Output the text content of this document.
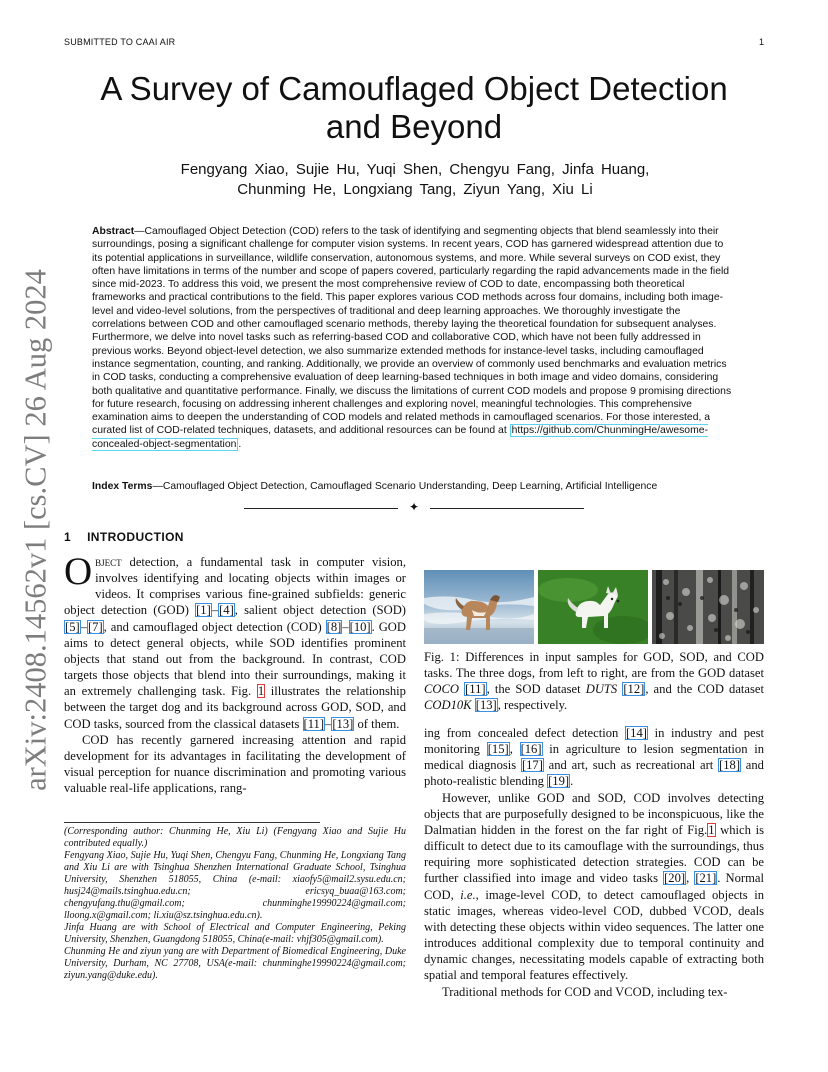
SUBMITTED TO CAAI AIR	1
arXiv:2408.14562v1 [cs.CV] 26 Aug 2024
A Survey of Camouflaged Object Detection
and Beyond
Fengyang Xiao, Sujie Hu, Yuqi Shen, Chengyu Fang, Jinfa Huang,
Chunming He, Longxiang Tang, Ziyun Yang, Xiu Li
Abstract—Camouflaged Object Detection (COD) refers to the task of identifying and segmenting objects that blend seamlessly into their surroundings, posing a significant challenge for computer vision systems. In recent years, COD has garnered widespread attention due to its potential applications in surveillance, wildlife conservation, autonomous systems, and more. While several surveys on COD exist, they often have limitations in terms of the number and scope of papers covered, particularly regarding the rapid advancements made in the field since mid-2023. To address this void, we present the most comprehensive review of COD to date, encompassing both theoretical frameworks and practical contributions to the field. This paper explores various COD methods across four domains, including both image-level and video-level solutions, from the perspectives of traditional and deep learning approaches. We thoroughly investigate the correlations between COD and other camouflaged scenario methods, thereby laying the theoretical foundation for subsequent analyses. Furthermore, we delve into novel tasks such as referring-based COD and collaborative COD, which have not been fully addressed in previous works. Beyond object-level detection, we also summarize extended methods for instance-level tasks, including camouflaged instance segmentation, counting, and ranking. Additionally, we provide an overview of commonly used benchmarks and evaluation metrics in COD tasks, conducting a comprehensive evaluation of deep learning-based techniques in both image and video domains, considering both qualitative and quantitative performance. Finally, we discuss the limitations of current COD models and propose 9 promising directions for future research, focusing on addressing inherent challenges and exploring novel, meaningful technologies. This comprehensive examination aims to deepen the understanding of COD models and related methods in camouflaged scenarios. For those interested, a curated list of COD-related techniques, datasets, and additional resources can be found at https://github.com/ChunmingHe/awesome-concealed-object-segmentation .
Index Terms—Camouflaged Object Detection, Camouflaged Scenario Understanding, Deep Learning, Artificial Intelligence
✦
1 INTRODUCTION

Object detection, a fundamental task in computer vision, involves identifying and locating objects within images or videos. It comprises various fine-grained subfields: generic object detection (GOD) [1]–[4], salient object detection (SOD) [5]–[7], and camouflaged object detection (COD) [8]–[10]. GOD aims to detect general objects, while SOD identifies prominent objects that stand out from the background. In contrast, COD targets those objects that blend into their surroundings, making it an extremely challenging task. Fig. 1 illustrates the relationship between the target dog and its background across GOD, SOD, and COD tasks, sourced from the classical datasets [11]–[13] of them.

COD has recently garnered increasing attention and rapid development for its advantages in facilitating the development of visual perception for nuance discrimination and promoting various valuable real-life applications, rang-

(Corresponding author: Chunming He, Xiu Li) (Fengyang Xiao and Sujie Hu contributed equally.)

Fengyang Xiao, Sujie Hu, Yuqi Shen, Chengyu Fang, Chunming He, Longxiang Tang and Xiu Li are with Tsinghua Shenzhen International Graduate School, Tsinghua University, Shenzhen 518055, China (e-mail: xiaofy5@mail2.sysu.edu.cn; husj24@mails.tsinghua.edu.cn; ericsyq_buaa@163.com; chengyufang.thu@gmail.com; chunminghe19990224@gmail.com; lloong.x@gmail.com; li.xiu@sz.tsinghua.edu.cn).

Jinfa Huang are with School of Electrical and Computer Engineering, Peking University, Shenzhen, Guangdong 518055, China(e-mail: vhjf305@gmail.com).

Chunming He and ziyun yang are with Department of Biomedical Engineering, Duke University, Durham, NC 27708, USA(e-mail: chunminghe19990224@gmail.com; ziyun.yang@duke.edu).

Fig. 1: Differences in input samples for GOD, SOD, and COD tasks. The three dogs, from left to right, are from the GOD dataset COCO [11], the SOD dataset DUTS [12], and the COD dataset COD10K [13], respectively.

ing from concealed defect detection [14] in industry and pest monitoring [15], [16] in agriculture to lesion segmentation in medical diagnosis [17] and art, such as recreational art [18] and photo-realistic blending [19].

However, unlike GOD and SOD, COD involves detecting objects that are purposefully designed to be inconspicuous, like the Dalmatian hidden in the forest on the far right of Fig.1 which is difficult to detect due to its camouflage with the surroundings, thus requiring more sophisticated detection strategies. COD can be further classified into image and video tasks [20], [21]. Normal COD, i.e., image-level COD, to detect camouflaged objects in static images, whereas video-level COD, dubbed VCOD, deals with detecting these objects within video sequences. The latter one introduces additional complexity due to temporal continuity and dynamic changes, necessitating models capable of extracting both spatial and temporal features effectively.

Traditional methods for COD and VCOD, including tex-
